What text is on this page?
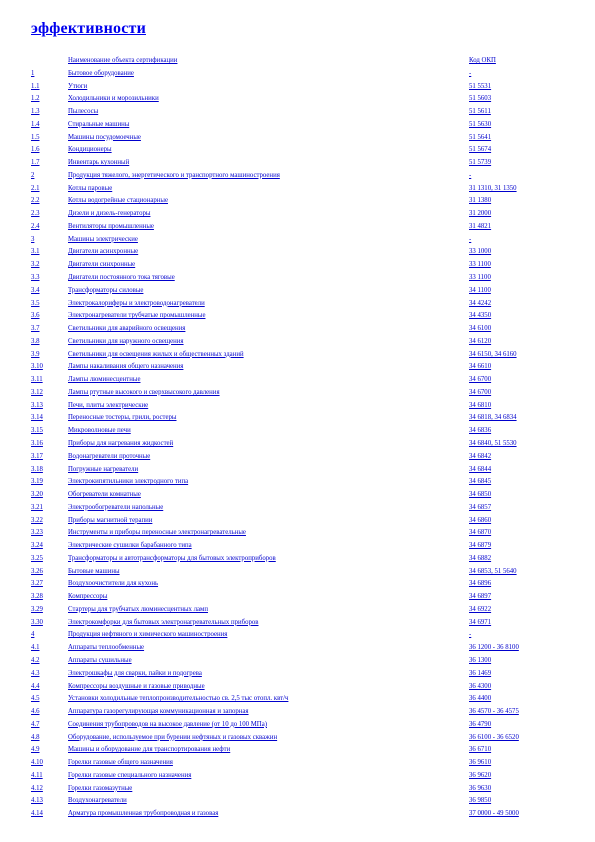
эффективности
Наименование объекта сертификации	Код ОКП
1	Бытовое оборудование	-
1.1	Утюги	51 5531
1.2	Холодильники и морозильники	51 5603
1.3	Пылесосы	51 5611
1.4	Стиральные машины	51 5630
1.5	Машины посудомоечные	51 5641
1.6	Кондиционеры	51 5674
1.7	Инвентарь кухонный	51 5739
2	Продукция тяжелого, энергетического и транспортного машиностроения	-
2.1	Котлы паровые	31 1310, 31 1350
2.2	Котлы водогрейные стационарные	31 1380
2.3	Дизели и дизель-генераторы	31 2000
2.4	Вентиляторы промышленные	31 4821
3	Машины электрические	-
3.1	Двигатели асинхронные	33 1000
3.2	Двигатели синхронные	33 1100
3.3	Двигатели постоянного тока тяговые	33 1100
3.4	Трансформаторы силовые	34 1100
3.5	Электрокалориферы и электроводонагреватели	34 4242
3.6	Электронагреватели трубчатые промышленные	34 4350
3.7	Светильники для аварийного освещения	34 6100
3.8	Светильники для наружного освещения	34 6120
3.9	Светильники для освещения жилых и общественных зданий	34 6150, 34 6160
3.10	Лампы накаливания общего назначения	34 6610
3.11	Лампы люминесцентные	34 6700
3.12	Лампы ртутные высокого и сверхвысокого давления	34 6700
3.13	Печи, плиты электрические	34 6810
3.14	Переносные тостеры, грили, ростеры	34 6818, 34 6834
3.15	Микроволновые печи	34 6836
3.16	Приборы для нагревания жидкостей	34 6840, 51 5530
3.17	Водонагреватели проточные	34 6842
3.18	Погружные нагреватели	34 6844
3.19	Электрокипятильники электродного типа	34 6845
3.20	Обогреватели комнатные	34 6850
3.21	Электрообогреватели напольные	34 6857
3.22	Приборы магнитной терапии	34 6860
3.23	Инструменты и приборы переносные электронагревательные	34 6870
3.24	Электрические сушилки барабанного типа	34 6879
3.25	Трансформаторы и автотрансформаторы для бытовых электроприборов	34 6882
3.26	Бытовые машины	34 6853, 51 5640
3.27	Воздухоочистители для кухонь	34 6896
3.28	Компрессоры	34 6897
3.29	Стартеры для трубчатых люминесцентных ламп	34 6922
3.30	Электрокомфорки для бытовых электронагревательных приборов	34 6971
4	Продукция нефтяного и химического машиностроения	-
4.1	Аппараты теплообменные	36 1200 - 36 8100
4.2	Аппараты сушильные	36 1300
4.3	Электрошкафы для сварки, пайки и подогрева	36 1469
4.4	Компрессоры воздушные и газовые приводные	36 4300
4.5	Установки холодильные теплопроизводительностью св. 2,5 тыс отопл. квт/ч	36 4400
4.6	Аппаратура газорегулирующая коммуникационная и запорная	36 4570 - 36 4575
4.7	Соединения трубопроводов на высокое давление (от 10 до 100 МПа)	36 4790
4.8	Оборудование, используемое при бурении нефтяных и газовых скважин	36 6100 - 36 6520
4.9	Машины и оборудование для транспортирования нефти	36 6710
4.10	Горелки газовые общего назначения	36 9610
4.11	Горелки газовые специального назначения	36 9620
4.12	Горелки газомазутные	36 9630
4.13	Воздухонагреватели	36 9850
4.14	Арматура промышленная трубопроводная и газовая	37 0000 - 49 5000
